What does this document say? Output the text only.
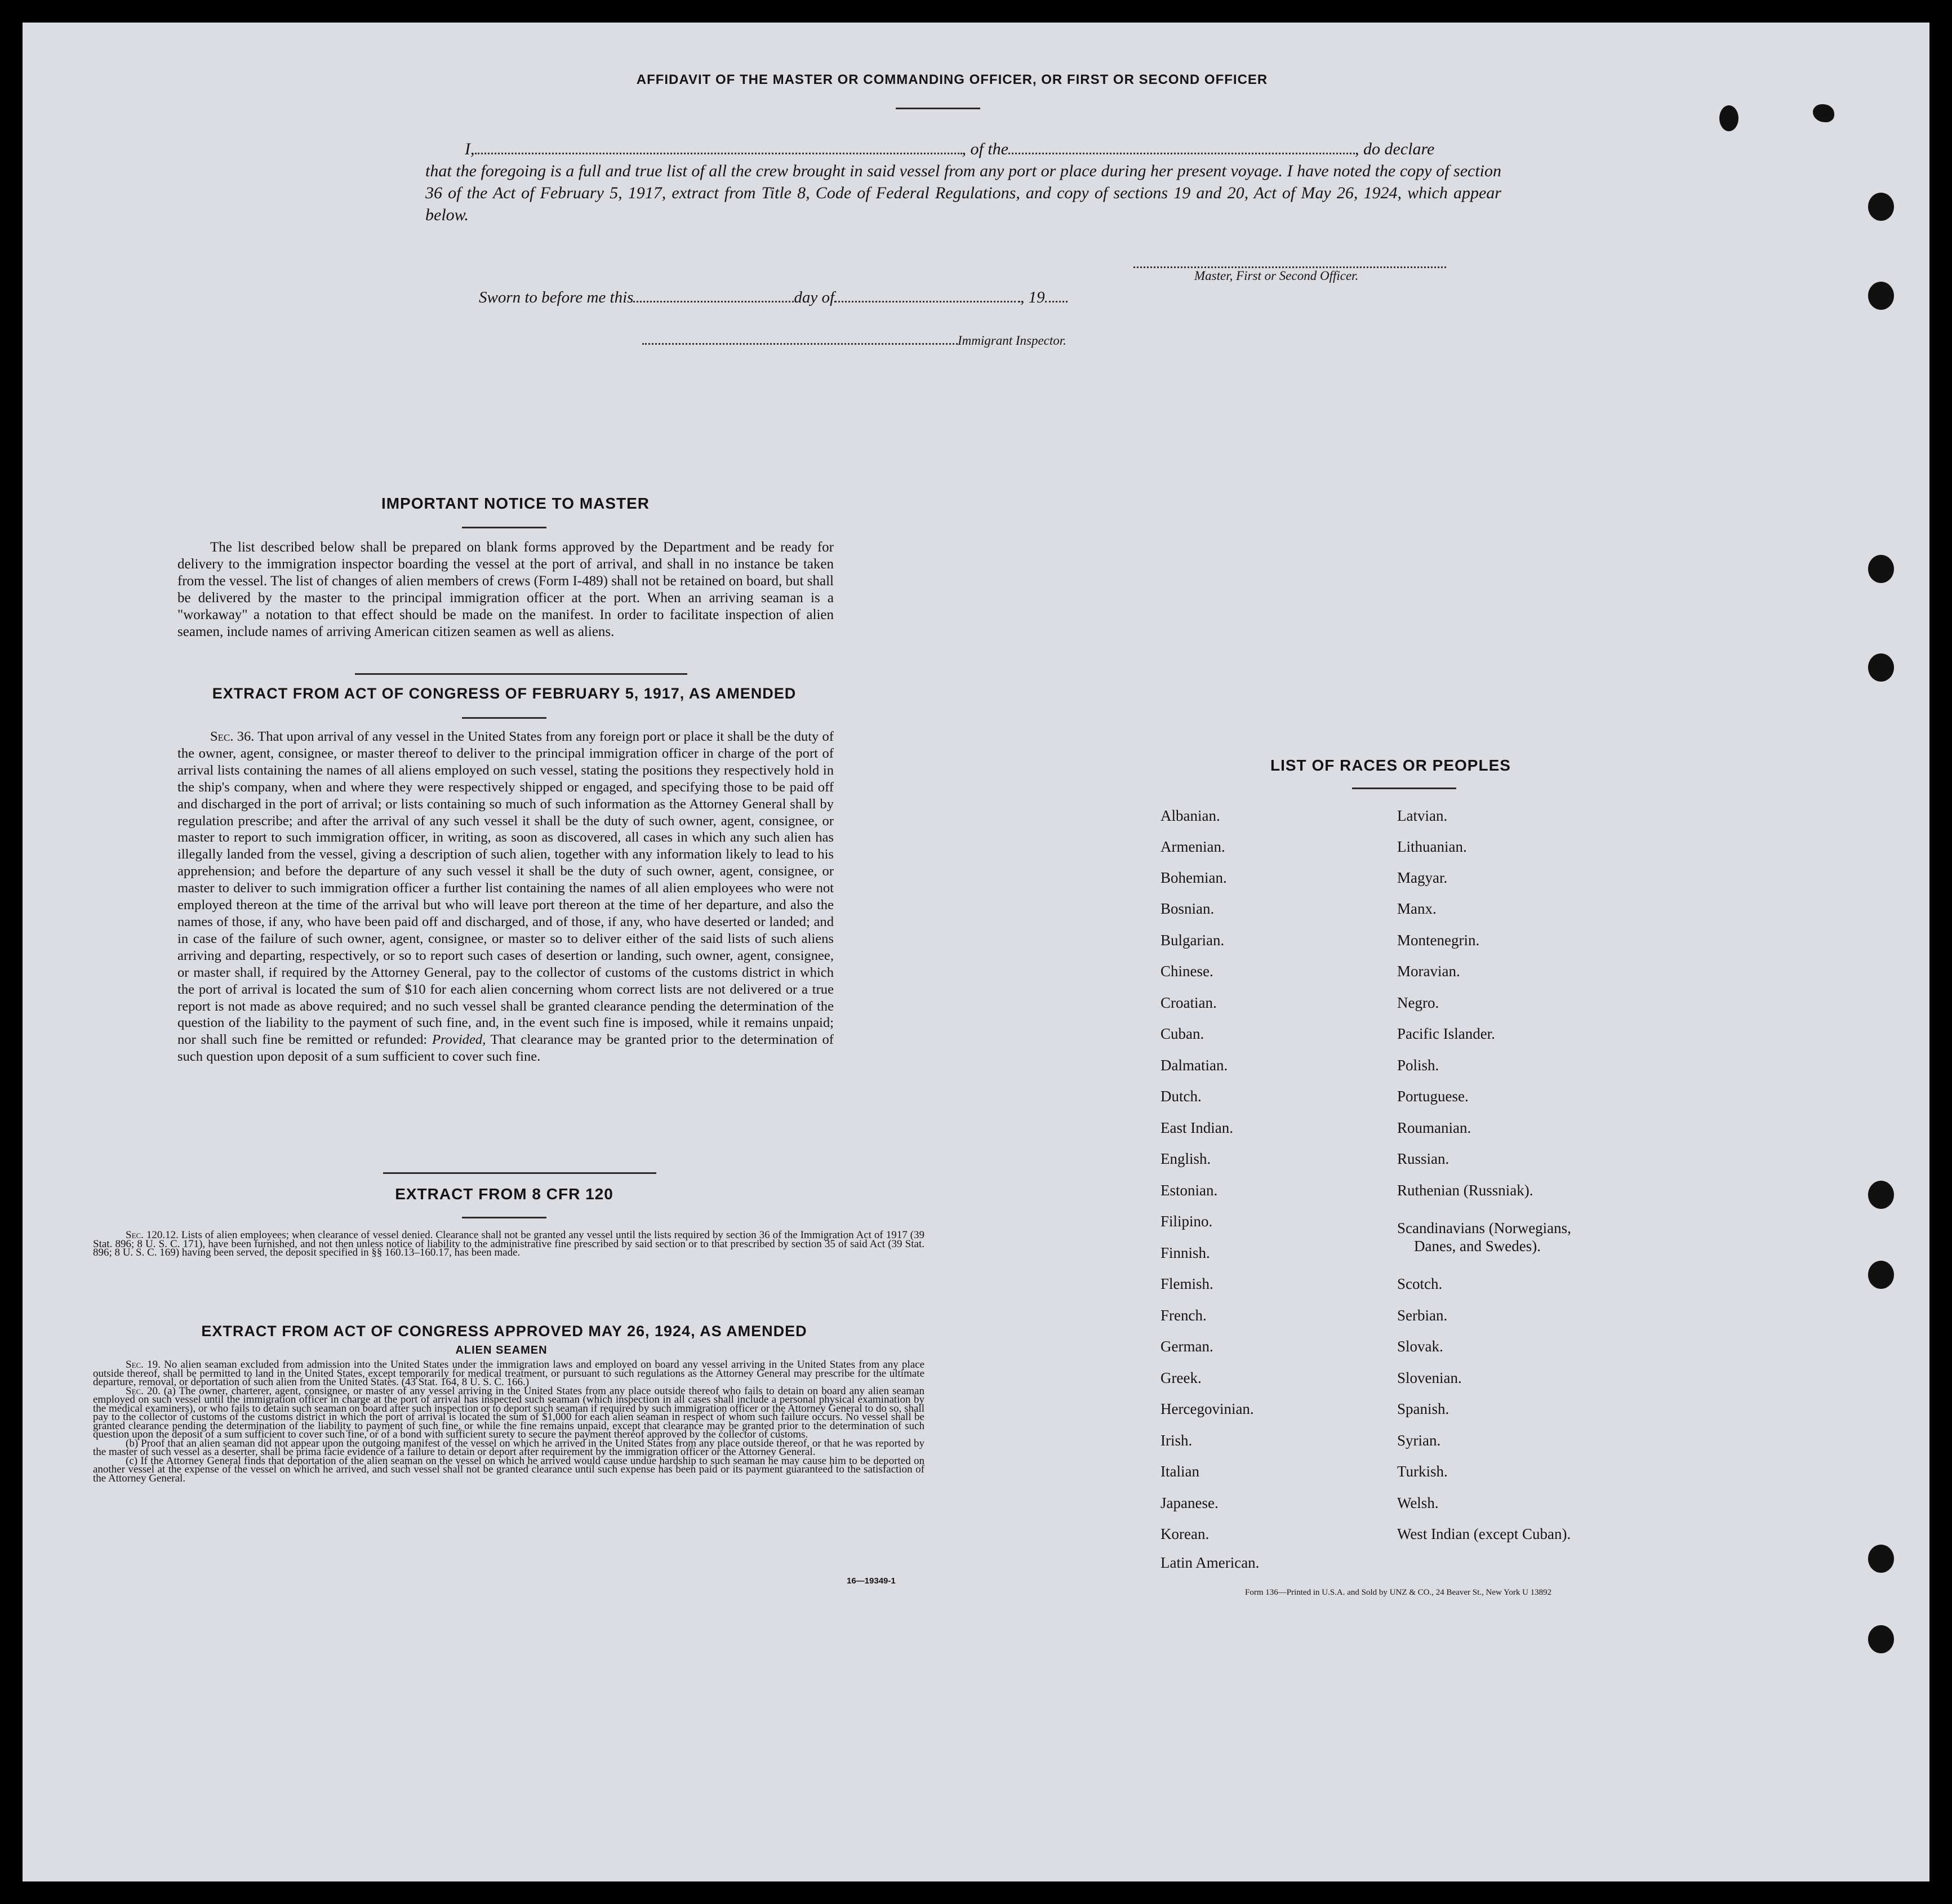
AFFIDAVIT OF THE MASTER OR COMMANDING OFFICER, OR FIRST OR SECOND OFFICER
I,	, of the	, do declare

that the foregoing is a full and true list of all the crew brought in said vessel from any port or place during her present voyage. I have noted the copy of section 36 of the Act of February 5, 1917, extract from Title 8, Code of Federal Regulations, and copy of sections 19 and 20, Act of May 26, 1924, which appear below.

Master, First or Second Officer.
Sworn to before me this	day of	, 19
Immigrant Inspector.
IMPORTANT NOTICE TO MASTER

The list described below shall be prepared on blank forms approved by the Department and be ready for delivery to the immigration inspector boarding the vessel at the port of arrival, and shall in no instance be taken from the vessel. The list of changes of alien members of crews (Form I-489) shall not be retained on board, but shall be delivered by the master to the principal immigration officer at the port. When an arriving seaman is a "workaway" a notation to that effect should be made on the manifest. In order to facilitate inspection of alien seamen, include names of arriving American citizen seamen as well as aliens.

EXTRACT FROM ACT OF CONGRESS OF FEBRUARY 5, 1917, AS AMENDED

Sec. 36. That upon arrival of any vessel in the United States from any foreign port or place it shall be the duty of the owner, agent, consignee, or master thereof to deliver to the principal immigration officer in charge of the port of arrival lists containing the names of all aliens employed on such vessel, stating the positions they respectively hold in the ship's company, when and where they were respectively shipped or engaged, and specifying those to be paid off and discharged in the port of arrival; or lists containing so much of such information as the Attorney General shall by regulation prescribe; and after the arrival of any such vessel it shall be the duty of such owner, agent, consignee, or master to report to such immigration officer, in writing, as soon as discovered, all cases in which any such alien has illegally landed from the vessel, giving a description of such alien, together with any information likely to lead to his apprehension; and before the departure of any such vessel it shall be the duty of such owner, agent, consignee, or master to deliver to such immigration officer a further list containing the names of all alien employees who were not employed thereon at the time of the arrival but who will leave port thereon at the time of her departure, and also the names of those, if any, who have been paid off and discharged, and of those, if any, who have deserted or landed; and in case of the failure of such owner, agent, consignee, or master so to deliver either of the said lists of such aliens arriving and departing, respectively, or so to report such cases of desertion or landing, such owner, agent, consignee, or master shall, if required by the Attorney General, pay to the collector of customs of the customs district in which the port of arrival is located the sum of $10 for each alien concerning whom correct lists are not delivered or a true report is not made as above required; and no such vessel shall be granted clearance pending the determination of the question of the liability to the payment of such fine, and, in the event such fine is imposed, while it remains unpaid; nor shall such fine be remitted or refunded: Provided, That clearance may be granted prior to the determination of such question upon deposit of a sum sufficient to cover such fine.

EXTRACT FROM 8 CFR 120

Sec. 120.12. Lists of alien employees; when clearance of vessel denied. Clearance shall not be granted any vessel until the lists required by section 36 of the Immigration Act of 1917 (39 Stat. 896; 8 U. S. C. 171), have been furnished, and not then unless notice of liability to the administrative fine prescribed by said section or to that prescribed by section 35 of said Act (39 Stat. 896; 8 U. S. C. 169) having been served, the deposit specified in §§ 160.13–160.17, has been made.

EXTRACT FROM ACT OF CONGRESS APPROVED MAY 26, 1924, AS AMENDED
ALIEN SEAMEN

Sec. 19. No alien seaman excluded from admission into the United States under the immigration laws and employed on board any vessel arriving in the United States from any place outside thereof, shall be permitted to land in the United States, except temporarily for medical treatment, or pursuant to such regulations as the Attorney General may prescribe for the ultimate departure, removal, or deportation of such alien from the United States. (43 Stat. 164, 8 U. S. C. 166.)

Sec. 20. (a) The owner, charterer, agent, consignee, or master of any vessel arriving in the United States from any place outside thereof who fails to detain on board any alien seaman employed on such vessel until the immigration officer in charge at the port of arrival has inspected such seaman (which inspection in all cases shall include a personal physical examination by the medical examiners), or who fails to detain such seaman on board after such inspection or to deport such seaman if required by such immigration officer or the Attorney General to do so, shall pay to the collector of customs of the customs district in which the port of arrival is located the sum of $1,000 for each alien seaman in respect of whom such failure occurs. No vessel shall be granted clearance pending the determination of the liability to payment of such fine, or while the fine remains unpaid, except that clearance may be granted prior to the determination of such question upon the deposit of a sum sufficient to cover such fine, or of a bond with sufficient surety to secure the payment thereof approved by the collector of customs.

(b) Proof that an alien seaman did not appear upon the outgoing manifest of the vessel on which he arrived in the United States from any place outside thereof, or that he was reported by the master of such vessel as a deserter, shall be prima facie evidence of a failure to detain or deport after requirement by the immigration officer or the Attorney General.

(c) If the Attorney General finds that deportation of the alien seaman on the vessel on which he arrived would cause undue hardship to such seaman he may cause him to be deported on another vessel at the expense of the vessel on which he arrived, and such vessel shall not be granted clearance until such expense has been paid or its payment guaranteed to the satisfaction of the Attorney General.

16—19349-1
LIST OF RACES OR PEOPLES
Albanian.
Armenian.
Bohemian.
Bosnian.
Bulgarian.
Chinese.
Croatian.
Cuban.
Dalmatian.
Dutch.
East Indian.
English.
Estonian.
Filipino.
Finnish.
Flemish.
French.
German.
Greek.
Hercegovinian.
Irish.
Italian
Japanese.
Korean.
Latin American.
Latvian.
Lithuanian.
Magyar.
Manx.
Montenegrin.
Moravian.
Negro.
Pacific Islander.
Polish.
Portuguese.
Roumanian.
Russian.
Ruthenian (Russniak).
Scandinavians (Norwegians,
Danes, and Swedes).
Scotch.
Serbian.
Slovak.
Slovenian.
Spanish.
Syrian.
Turkish.
Welsh.
West Indian (except Cuban).
Form 136—Printed in U.S.A. and Sold by UNZ & CO., 24 Beaver St., New York U 13892
